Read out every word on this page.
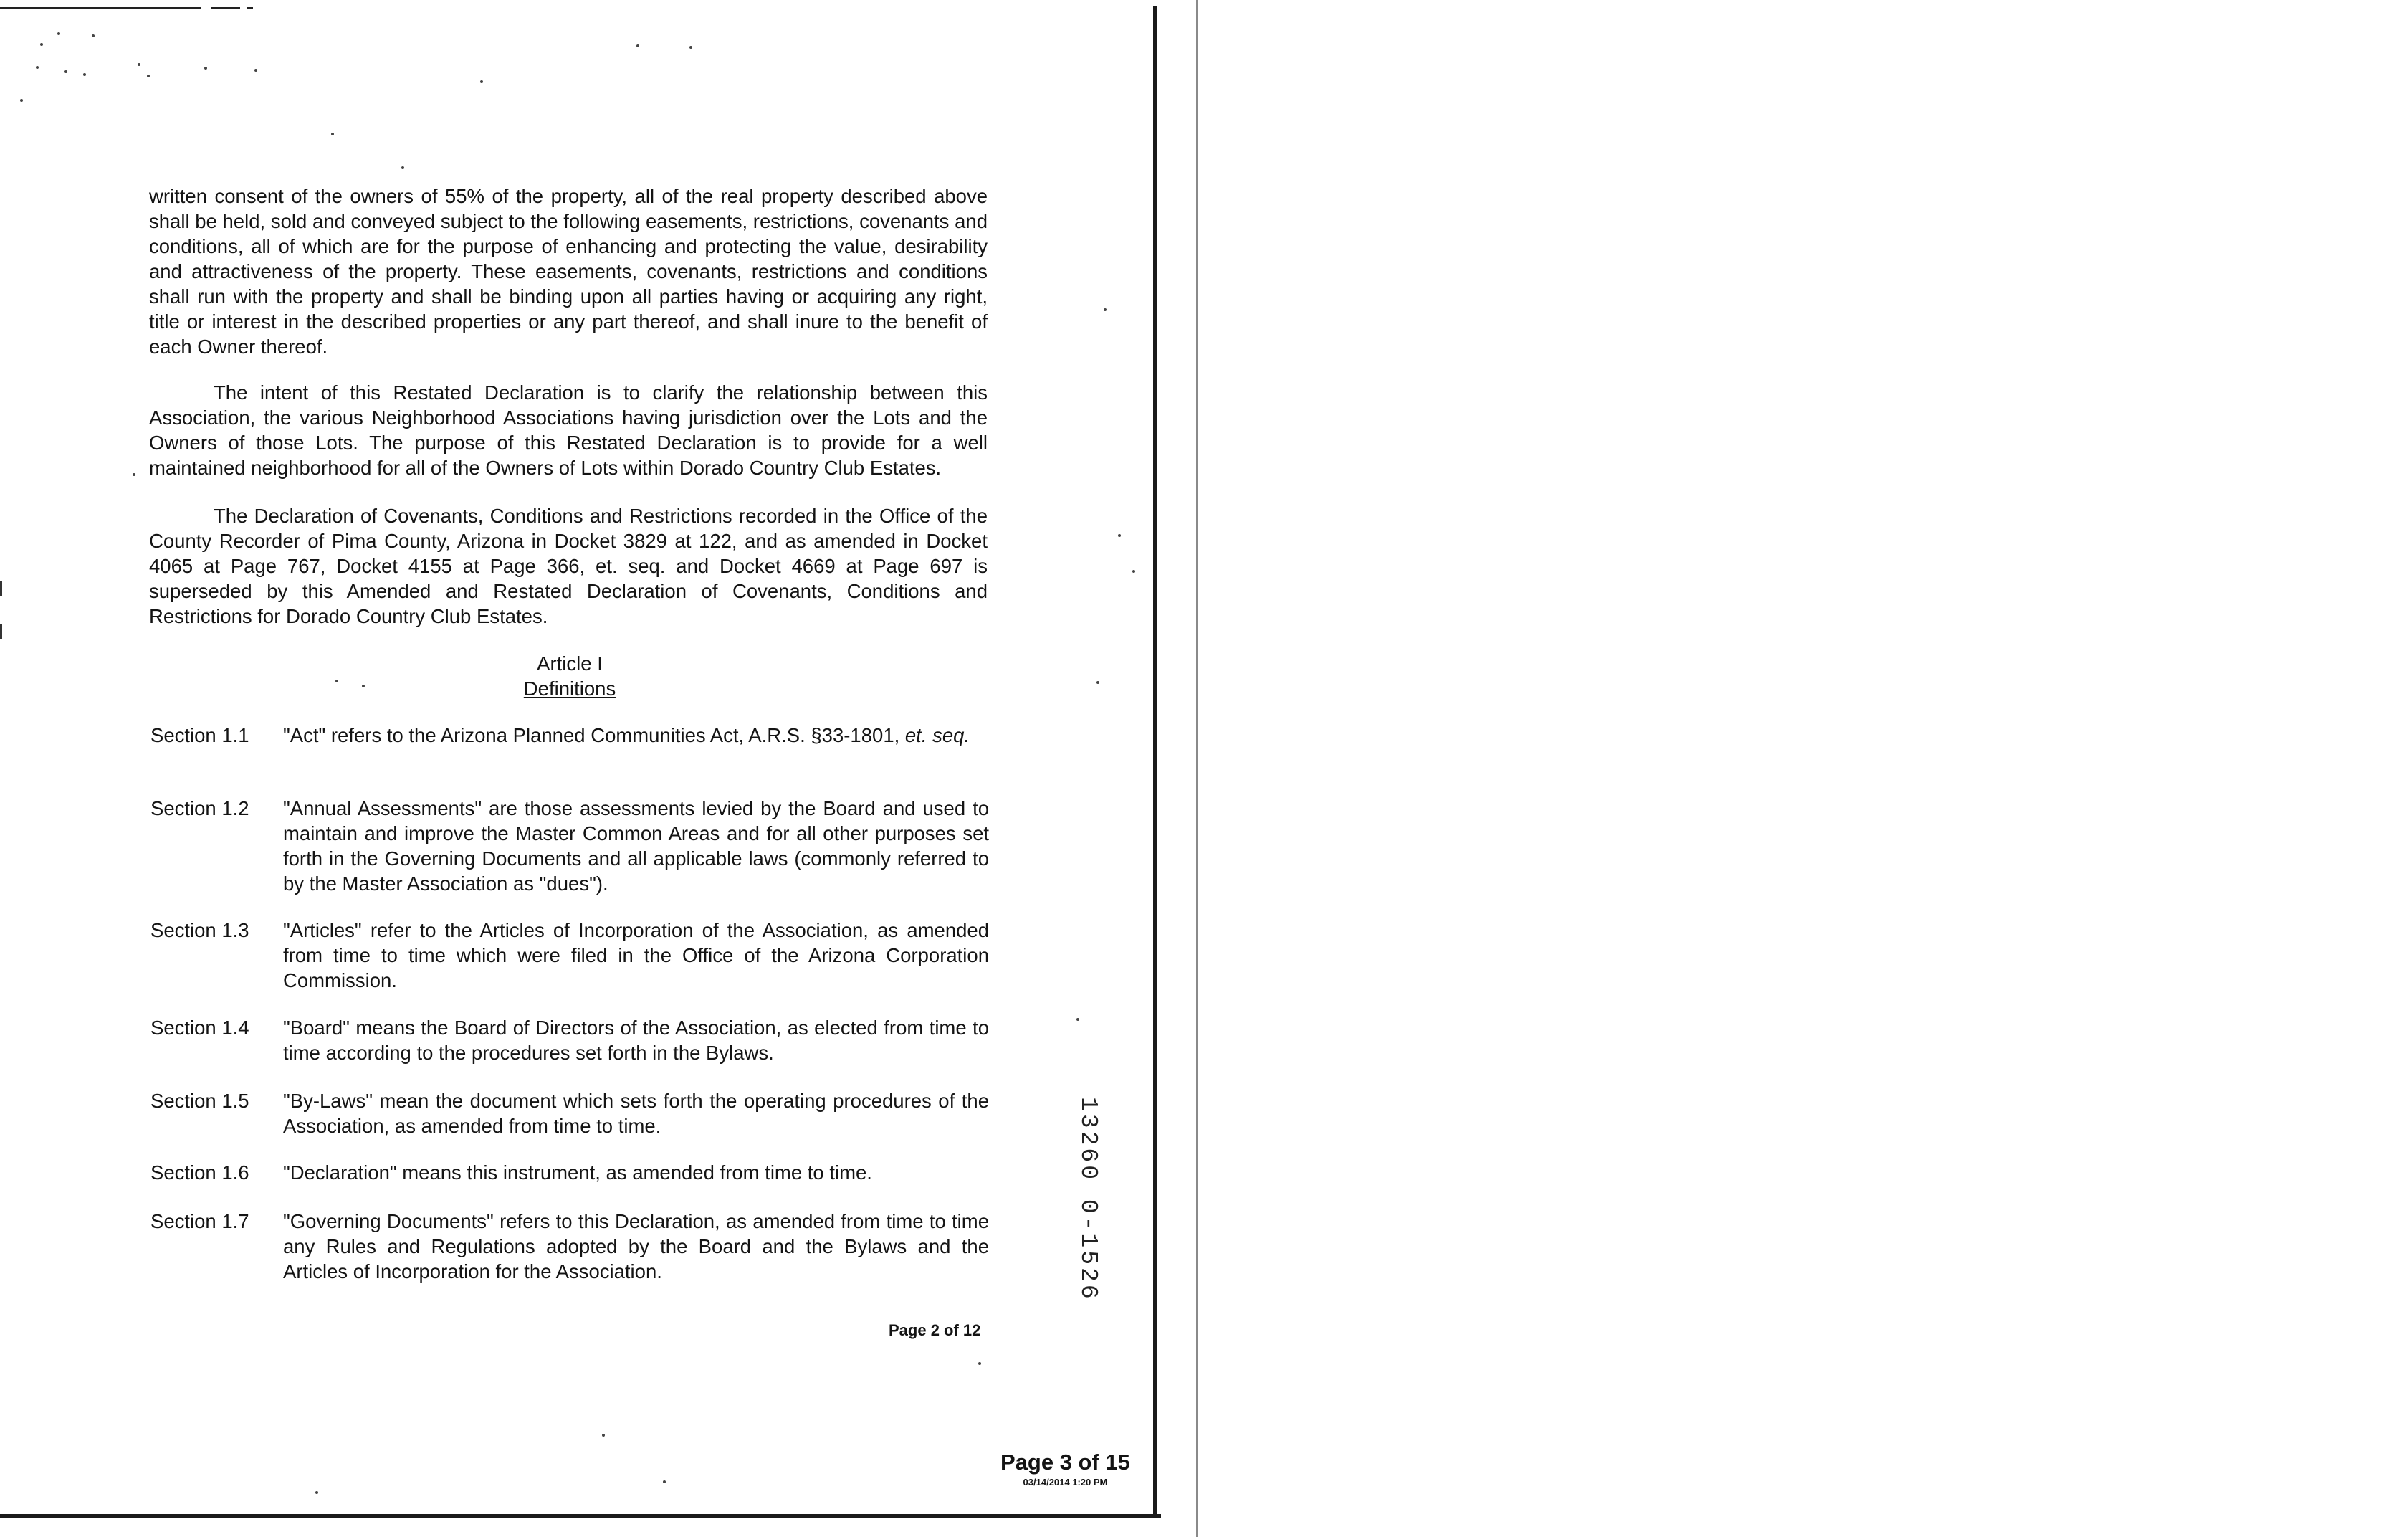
written consent of the owners of 55% of the property, all of the real property described above shall be held, sold and conveyed subject to the following easements, restrictions, covenants and conditions, all of which are for the purpose of enhancing and protecting the value, desirability and attractiveness of the property. These easements, covenants, restrictions and conditions shall run with the property and shall be binding upon all parties having or acquiring any right, title or interest in the described properties or any part thereof, and shall inure to the benefit of each Owner thereof.
The intent of this Restated Declaration is to clarify the relationship between this Association, the various Neighborhood Associations having jurisdiction over the Lots and the Owners of those Lots. The purpose of this Restated Declaration is to provide for a well maintained neighborhood for all of the Owners of Lots within Dorado Country Club Estates.
The Declaration of Covenants, Conditions and Restrictions recorded in the Office of the County Recorder of Pima County, Arizona in Docket 3829 at 122, and as amended in Docket 4065 at Page 767, Docket 4155 at Page 366, et. seq. and Docket 4669 at Page 697 is superseded by this Amended and Restated Declaration of Covenants, Conditions and Restrictions for Dorado Country Club Estates.
Article I
Definitions
Section 1.1	"Act" refers to the Arizona Planned Communities Act, A.R.S. §33-1801, et. seq.
Section 1.2	"Annual Assessments" are those assessments levied by the Board and used to maintain and improve the Master Common Areas and for all other purposes set forth in the Governing Documents and all applicable laws (commonly referred to by the Master Association as "dues").
Section 1.3	"Articles" refer to the Articles of Incorporation of the Association, as amended from time to time which were filed in the Office of the Arizona Corporation Commission.
Section 1.4	"Board" means the Board of Directors of the Association, as elected from time to time according to the procedures set forth in the Bylaws.
Section 1.5	"By-Laws" mean the document which sets forth the operating procedures of the Association, as amended from time to time.
Section 1.6	"Declaration" means this instrument, as amended from time to time.
Section 1.7	"Governing Documents" refers to this Declaration, as amended from time to time any Rules and Regulations adopted by the Board and the Bylaws and the Articles of Incorporation for the Association.
Page 2 of 12
Page 3 of 15
03/14/2014 1:20 PM
13260 0-1526
